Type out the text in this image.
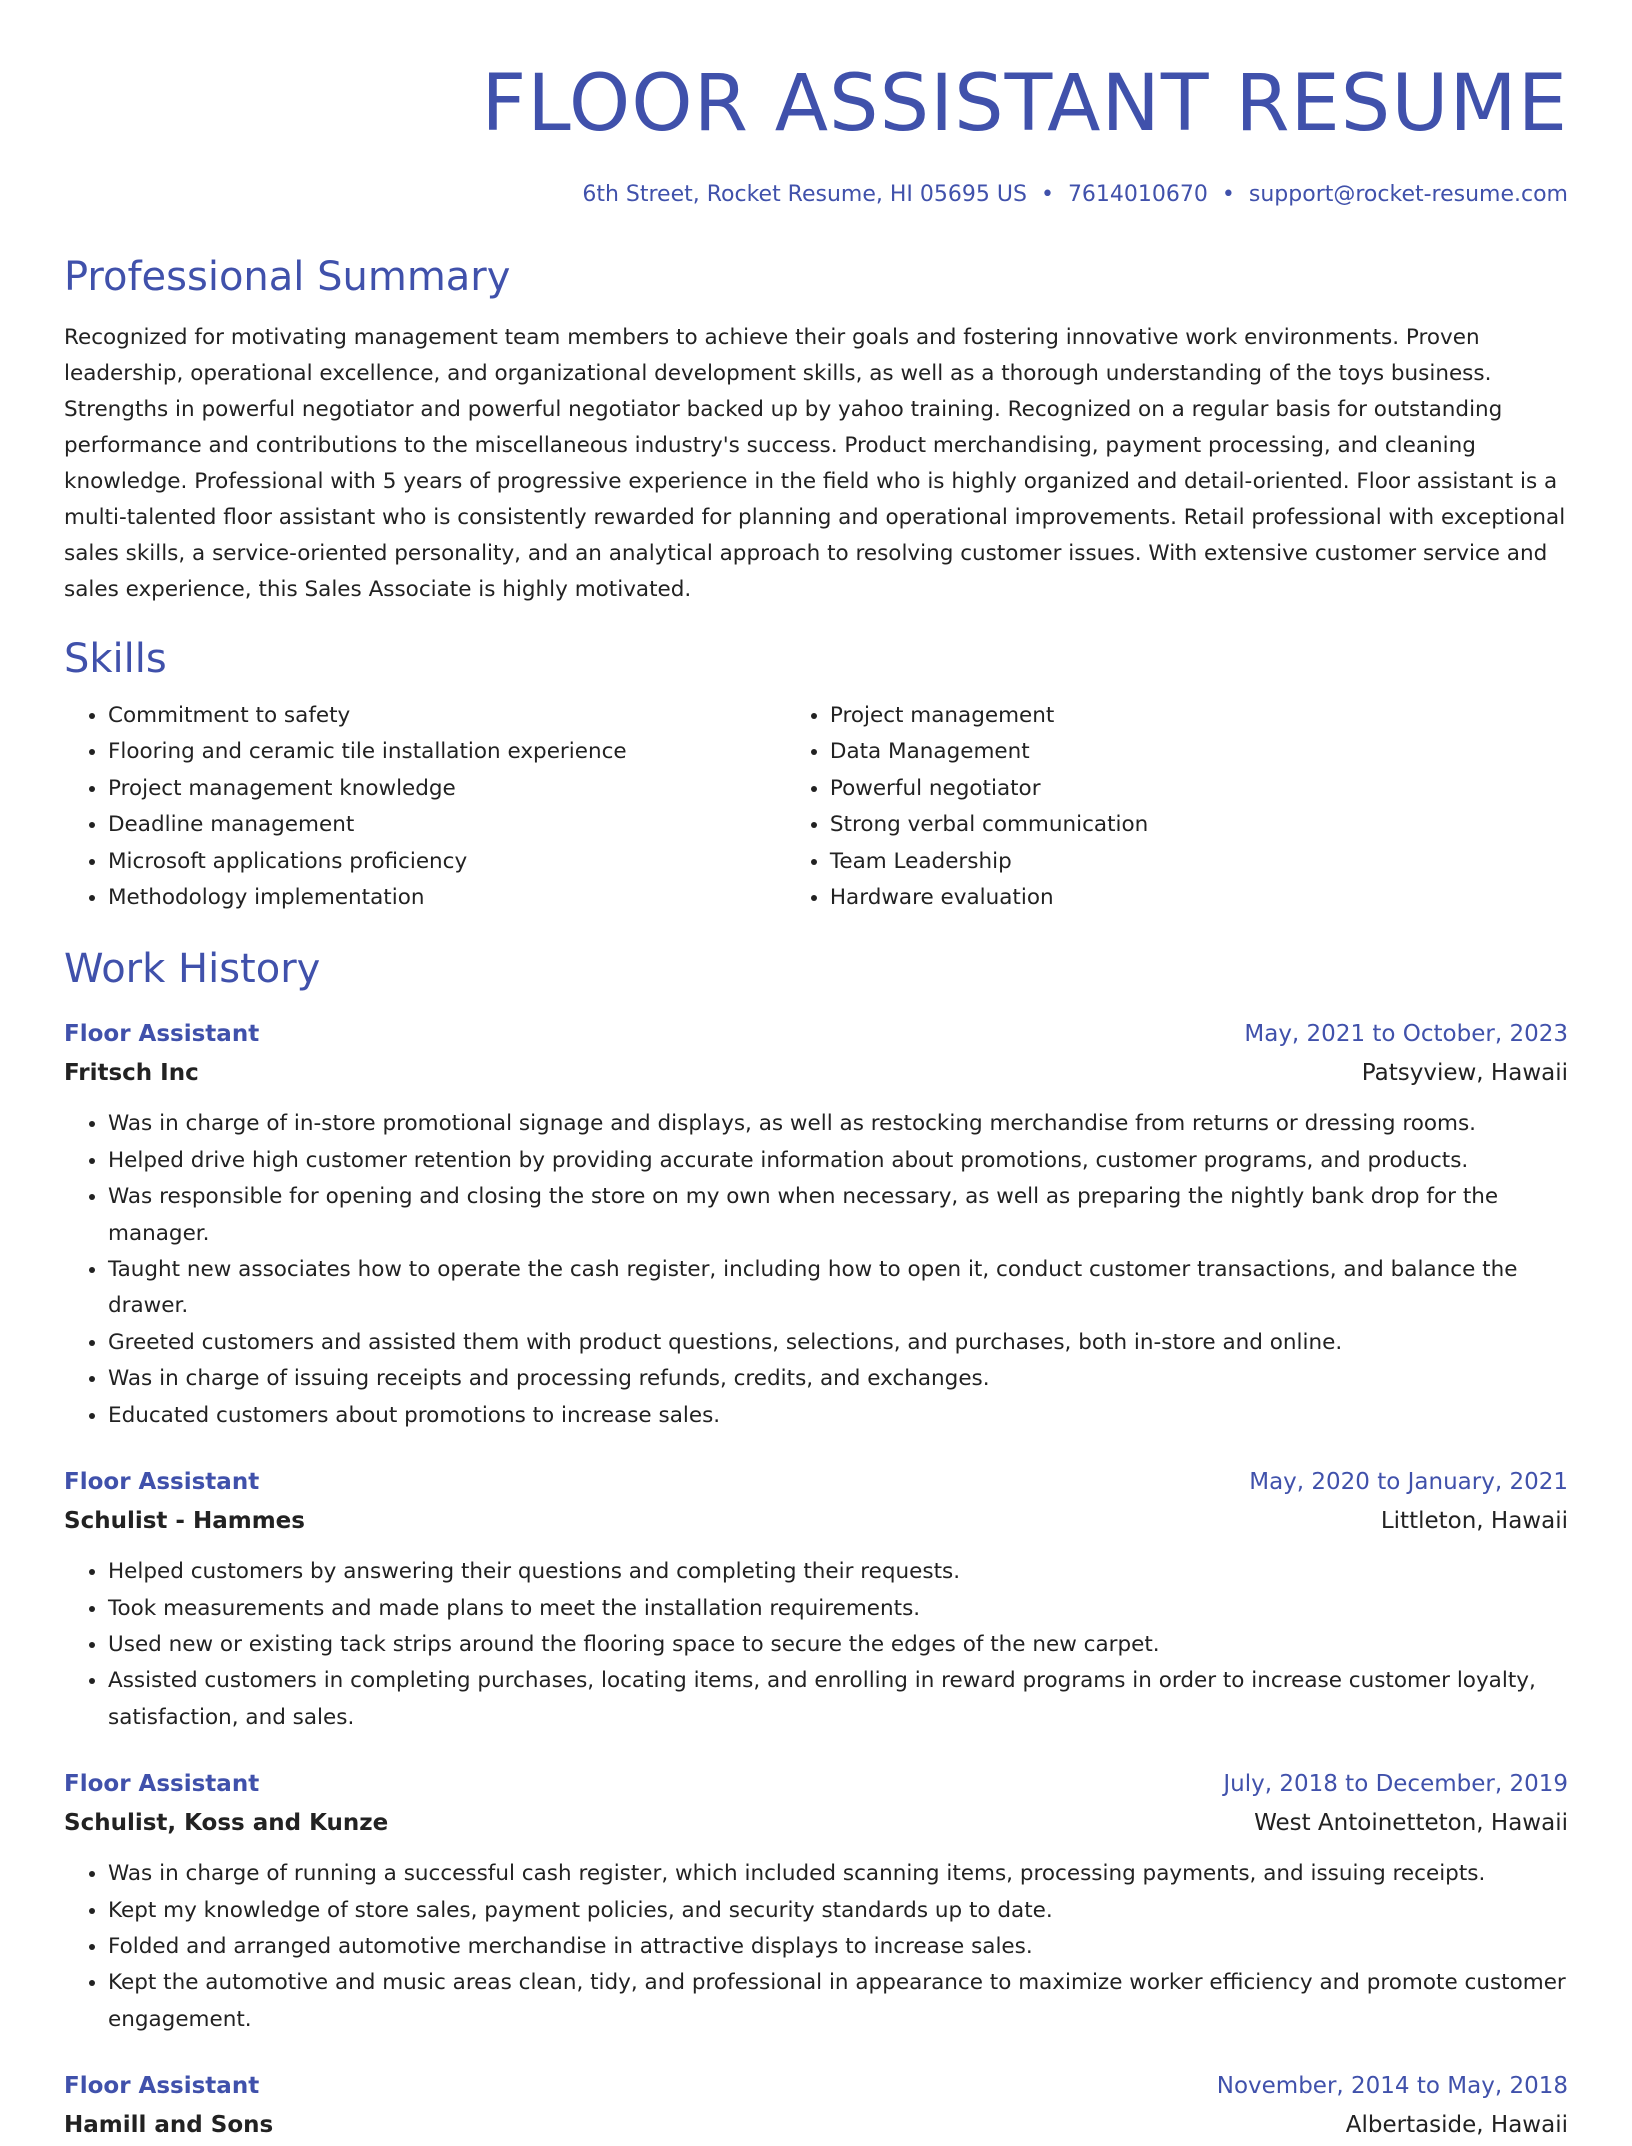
FLOOR ASSISTANT RESUME
6th Street, Rocket Resume, HI 05695 US • 7614010670 • support@rocket-resume.com
Professional Summary

Recognized for motivating management team members to achieve their goals and fostering innovative work environments. Proven leadership, operational excellence, and organizational development skills, as well as a thorough understanding of the toys business. Strengths in powerful negotiator and powerful negotiator backed up by yahoo training. Recognized on a regular basis for outstanding performance and contributions to the miscellaneous industry's success. Product merchandising, payment processing, and cleaning knowledge. Professional with 5 years of progressive experience in the field who is highly organized and detail-oriented. Floor assistant is a multi-talented floor assistant who is consistently rewarded for planning and operational improvements. Retail professional with exceptional sales skills, a service-oriented personality, and an analytical approach to resolving customer issues. With extensive customer service and sales experience, this Sales Associate is highly motivated.

Skills
• Commitment to safety
• Flooring and ceramic tile installation experience
• Project management knowledge
• Deadline management
• Microsoft applications proficiency
• Methodology implementation
• Project management
• Data Management
• Powerful negotiator
• Strong verbal communication
• Team Leadership
• Hardware evaluation
Work History
Floor Assistant	May, 2021 to October, 2023
Fritsch Inc	Patsyview, Hawaii
• Was in charge of in-store promotional signage and displays, as well as restocking merchandise from returns or dressing rooms.
• Helped drive high customer retention by providing accurate information about promotions, customer programs, and products.
• Was responsible for opening and closing the store on my own when necessary, as well as preparing the nightly bank drop for the manager.
• Taught new associates how to operate the cash register, including how to open it, conduct customer transactions, and balance the drawer.
• Greeted customers and assisted them with product questions, selections, and purchases, both in-store and online.
• Was in charge of issuing receipts and processing refunds, credits, and exchanges.
• Educated customers about promotions to increase sales.
Floor Assistant	May, 2020 to January, 2021
Schulist - Hammes	Littleton, Hawaii
• Helped customers by answering their questions and completing their requests.
• Took measurements and made plans to meet the installation requirements.
• Used new or existing tack strips around the flooring space to secure the edges of the new carpet.
• Assisted customers in completing purchases, locating items, and enrolling in reward programs in order to increase customer loyalty, satisfaction, and sales.
Floor Assistant	July, 2018 to December, 2019
Schulist, Koss and Kunze	West Antoinetteton, Hawaii
• Was in charge of running a successful cash register, which included scanning items, processing payments, and issuing receipts.
• Kept my knowledge of store sales, payment policies, and security standards up to date.
• Folded and arranged automotive merchandise in attractive displays to increase sales.
• Kept the automotive and music areas clean, tidy, and professional in appearance to maximize worker efficiency and promote customer engagement.
Floor Assistant	November, 2014 to May, 2018
Hamill and Sons	Albertaside, Hawaii
